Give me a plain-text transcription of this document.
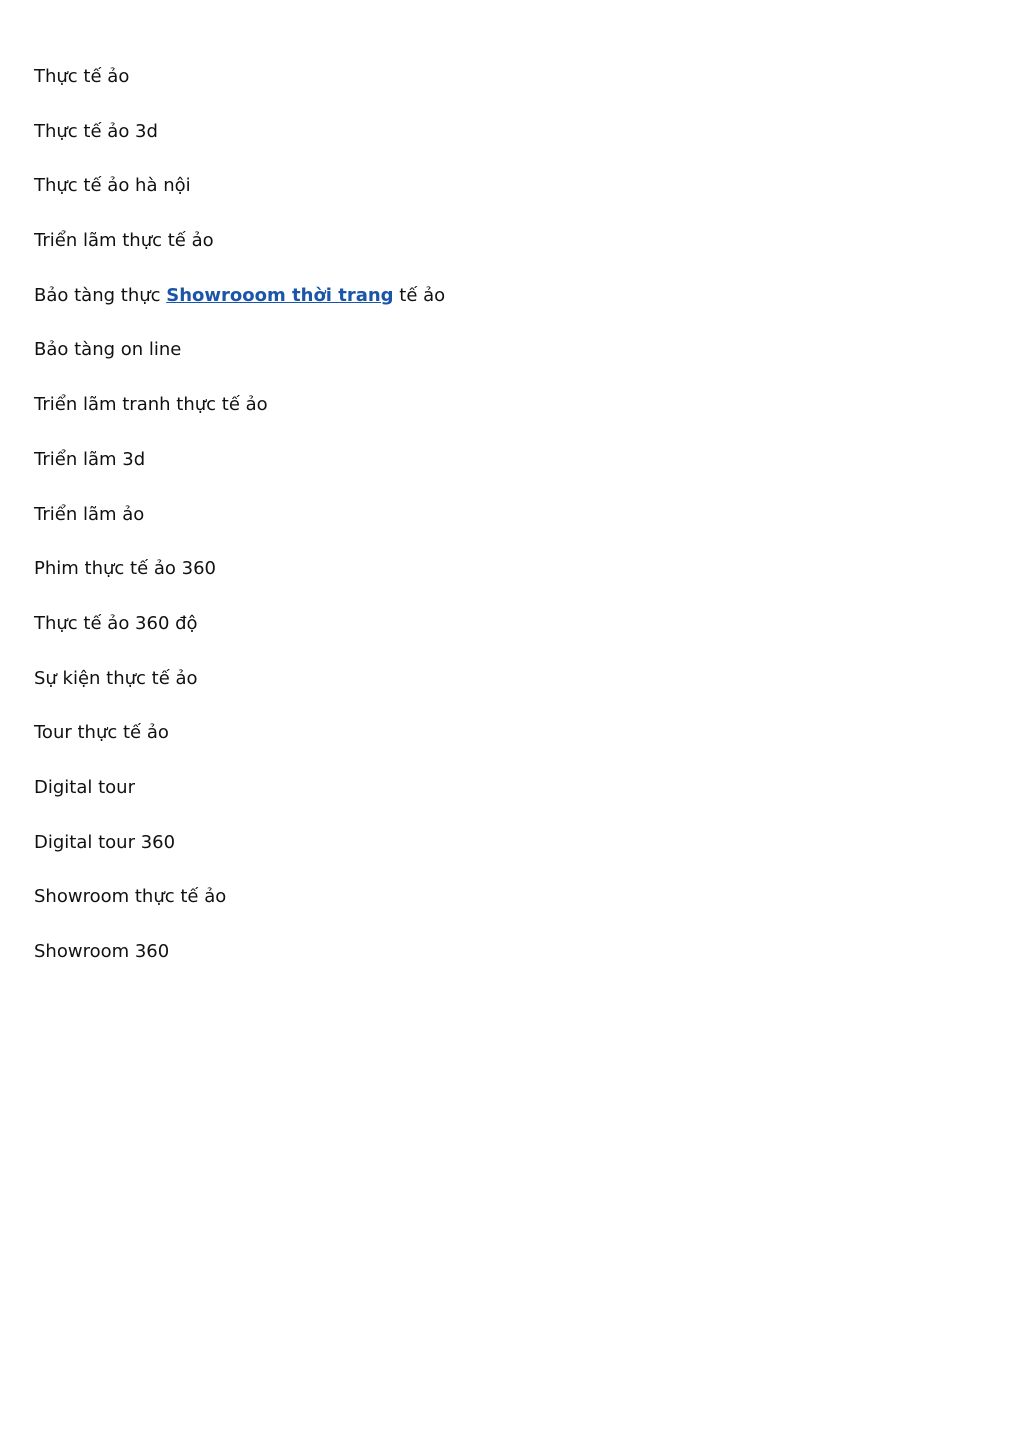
Thực tế ảo
Thực tế ảo 3d
Thực tế ảo hà nội
Triển lãm thực tế ảo
Bảo tàng thực Showrooom thời trang tế ảo
Bảo tàng on line
Triển lãm tranh thực tế ảo
Triển lãm 3d
Triển lãm ảo
Phim thực tế ảo 360
Thực tế ảo 360 độ
Sự kiện thực tế ảo
Tour thực tế ảo
Digital tour
Digital tour 360
Showroom thực tế ảo
Showroom 360
